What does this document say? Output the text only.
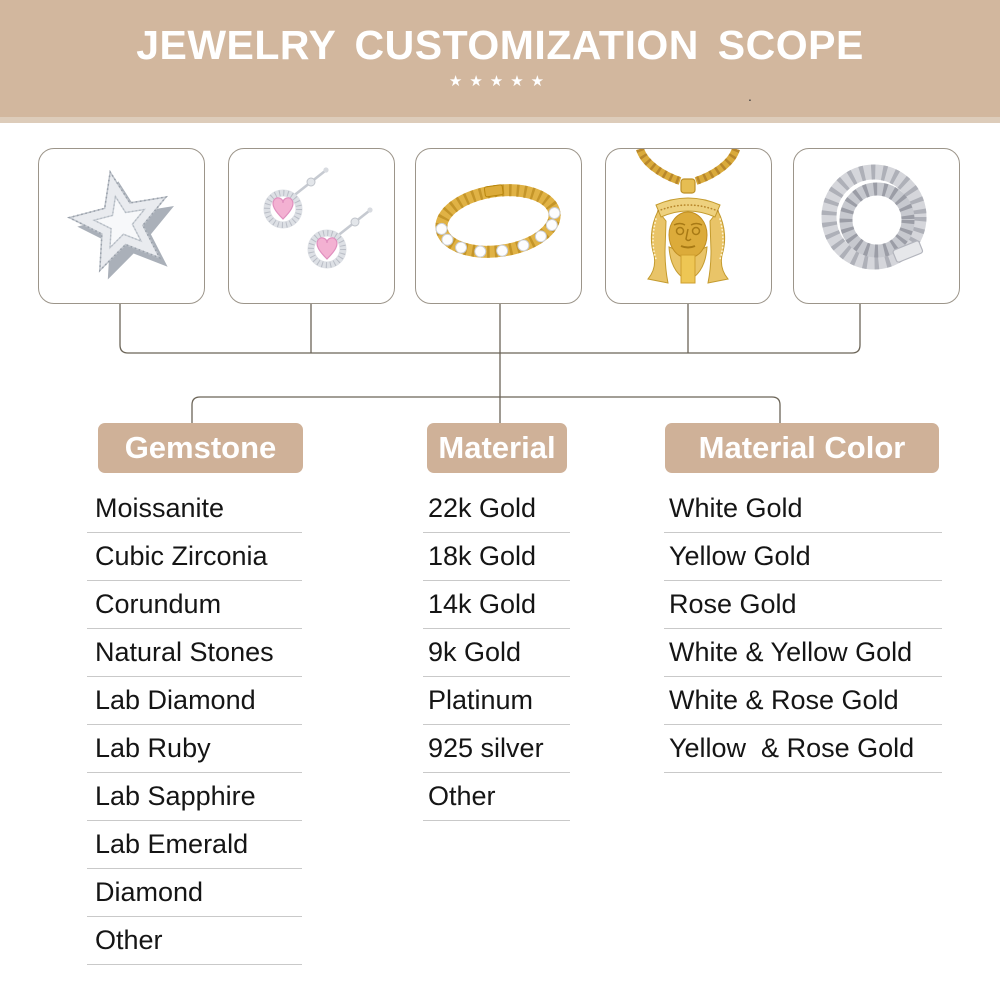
JEWELRY CUSTOMIZATION SCOPE
★★★★★
.
Gemstone	Material	Material Color
Moissanite
Cubic Zirconia
Corundum
Natural Stones
Lab Diamond
Lab Ruby
Lab Sapphire
Lab Emerald
Diamond
Other
22k Gold
18k Gold
14k Gold
9k Gold
Platinum
925 silver
Other
White Gold
Yellow Gold
Rose Gold
White & Yellow Gold
White & Rose Gold
Yellow  & Rose Gold
